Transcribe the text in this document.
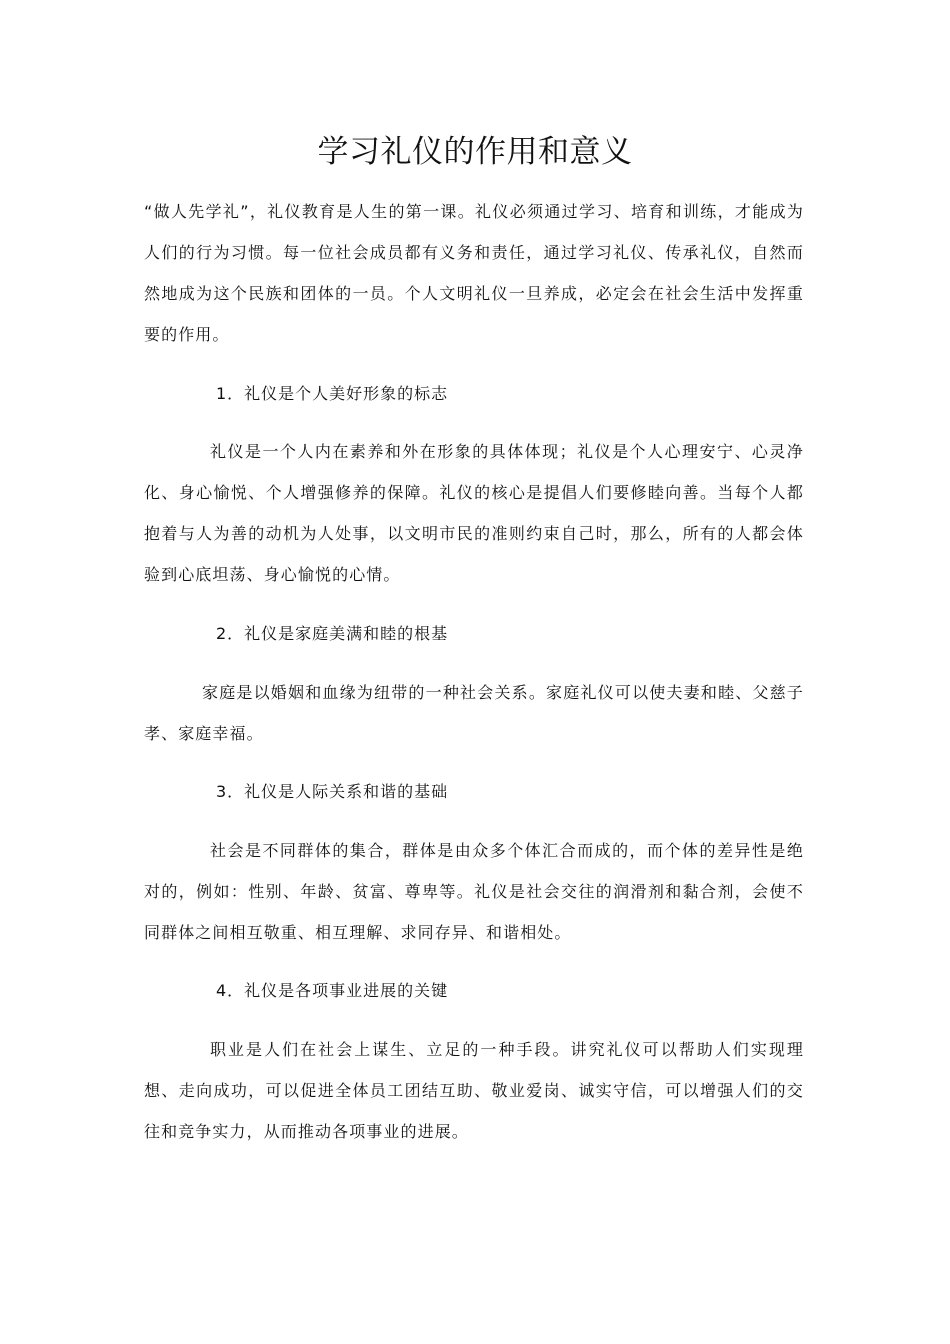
学习礼仪的作用和意义

“做人先学礼”，礼仪教育是人生的第一课。礼仪必须通过学习、培育和训练，才能成为人们的行为习惯。每一位社会成员都有义务和责任，通过学习礼仪、传承礼仪，自然而然地成为这个民族和团体的一员。个人文明礼仪一旦养成，必定会在社会生活中发挥重要的作用。

1．礼仪是个人美好形象的标志

礼仪是一个人内在素养和外在形象的具体体现；礼仪是个人心理安宁、心灵净化、身心愉悦、个人增强修养的保障。礼仪的核心是提倡人们要修睦向善。当每个人都抱着与人为善的动机为人处事，以文明市民的准则约束自己时，那么，所有的人都会体验到心底坦荡、身心愉悦的心情。

2．礼仪是家庭美满和睦的根基

家庭是以婚姻和血缘为纽带的一种社会关系。家庭礼仪可以使夫妻和睦、父慈子孝、家庭幸福。

3．礼仪是人际关系和谐的基础

社会是不同群体的集合，群体是由众多个体汇合而成的，而个体的差异性是绝对的，例如：性别、年龄、贫富、尊卑等。礼仪是社会交往的润滑剂和黏合剂，会使不同群体之间相互敬重、相互理解、求同存异、和谐相处。

4．礼仪是各项事业进展的关键

职业是人们在社会上谋生、立足的一种手段。讲究礼仪可以帮助人们实现理想、走向成功，可以促进全体员工团结互助、敬业爱岗、诚实守信，可以增强人们的交往和竞争实力，从而推动各项事业的进展。
